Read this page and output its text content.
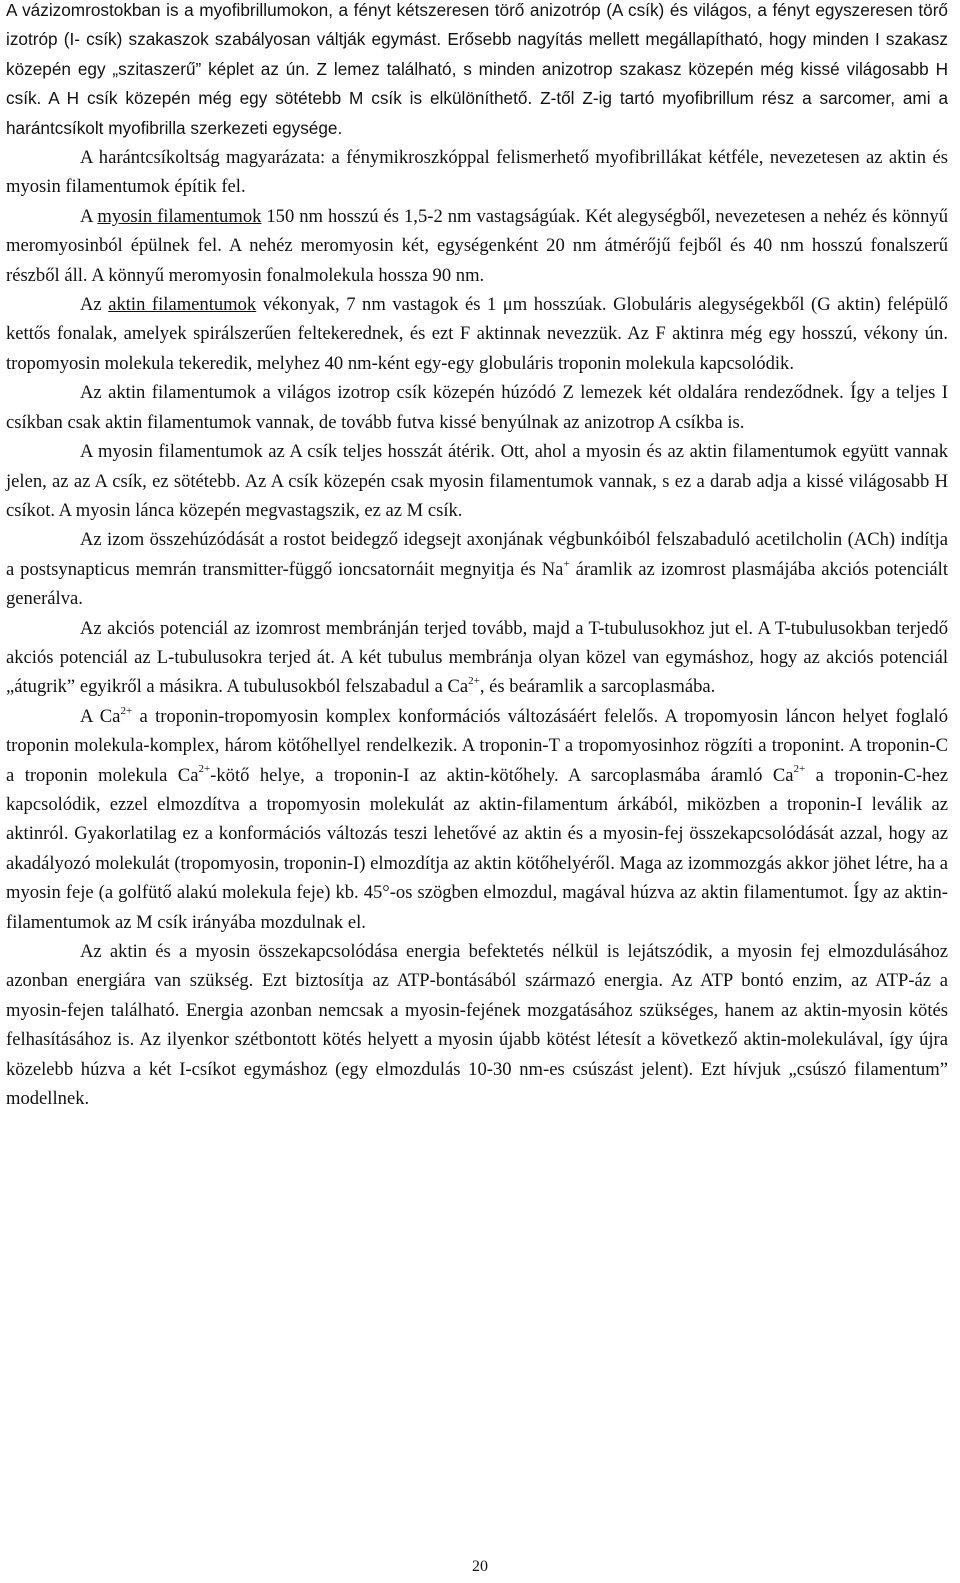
A vázizomrostokban is a myofibrillumokon, a fényt kétszeresen törő anizotróp (A csík) és világos, a fényt egyszeresen törő izotróp (I- csík) szakaszok szabályosan váltják egymást. Erősebb nagyítás mellett megállapítható, hogy minden I szakasz közepén egy „szitaszerű” képlet az ún. Z lemez található, s minden anizotrop szakasz közepén még kissé világosabb H csík. A H csík közepén még egy sötétebb M csík is elkülöníthető. Z-től Z-ig tartó myofibrillum rész a sarcomer, ami a harántcsíkolt myofibrilla szerkezeti egysége.

A harántcsíkoltság magyarázata: a fénymikroszkóppal felismerhető myofibrillákat kétféle, nevezetesen az aktin és myosin filamentumok építik fel.

A myosin filamentumok 150 nm hosszú és 1,5-2 nm vastagságúak. Két alegységből, nevezetesen a nehéz és könnyű meromyosinból épülnek fel. A nehéz meromyosin két, egységenként 20 nm átmérőjű fejből és 40 nm hosszú fonalszerű részből áll. A könnyű meromyosin fonalmolekula hossza 90 nm.

Az aktin filamentumok vékonyak, 7 nm vastagok és 1 μm hosszúak. Globuláris alegységekből (G aktin) felépülő kettős fonalak, amelyek spirálszerűen feltekerednek, és ezt F aktinnak nevezzük. Az F aktinra még egy hosszú, vékony ún. tropomyosin molekula tekeredik, melyhez 40 nm-ként egy-egy globuláris troponin molekula kapcsolódik.

Az aktin filamentumok a világos izotrop csík közepén húzódó Z lemezek két oldalára rendeződnek. Így a teljes I csíkban csak aktin filamentumok vannak, de tovább futva kissé benyúlnak az anizotrop A csíkba is.

A myosin filamentumok az A csík teljes hosszát átérik. Ott, ahol a myosin és az aktin filamentumok együtt vannak jelen, az az A csík, ez sötétebb. Az A csík közepén csak myosin filamentumok vannak, s ez a darab adja a kissé világosabb H csíkot. A myosin lánca közepén megvastagszik, ez az M csík.

Az izom összehúzódását a rostot beidegző idegsejt axonjának végbunkóiból felszabaduló acetilcholin (ACh) indítja a postsynapticus memrán transmitter-függő ioncsatornáit megnyitja és Na+ áramlik az izomrost plasmájába akciós potenciált generálva.

Az akciós potenciál az izomrost membránján terjed tovább, majd a T-tubulusokhoz jut el. A T-tubulusokban terjedő akciós potenciál az L-tubulusokra terjed át. A két tubulus membránja olyan közel van egymáshoz, hogy az akciós potenciál „átugrik” egyikről a másikra. A tubulusokból felszabadul a $Ca^{2+}$, és beáramlik a sarcoplasmába.

A $Ca^{2+}$ a troponin-tropomyosin komplex konformációs változásáért felelős. A tropomyosin láncon helyet foglaló troponin molekula-komplex, három kötőhellyel rendelkezik. A troponin-T a tropomyosinhoz rögzíti a troponint. A troponin-C a troponin molekula $Ca^{2+}$-kötő helye, a troponin-I az aktin-kötőhely. A sarcoplasmába áramló $Ca^{2+}$ a troponin-C-hez kapcsolódik, ezzel elmozdítva a tropomyosin molekulát az aktin-filamentum árkából, miközben a troponin-I leválik az aktinról. Gyakorlatilag ez a konformációs változás teszi lehetővé az aktin és a myosin-fej összekapcsolódását azzal, hogy az akadályozó molekulát (tropomyosin, troponin-I) elmozdítja az aktin kötőhelyéről. Maga az izommozgás akkor jöhet létre, ha a myosin feje (a golfütő alakú molekula feje) kb. 45°-os szögben elmozdul, magával húzva az aktin filamentumot. Így az aktin-filamentumok az M csík irányába mozdulnak el.

Az aktin és a myosin összekapcsolódása energia befektetés nélkül is lejátszódik, a myosin fej elmozdulásához azonban energiára van szükség. Ezt biztosítja az ATP-bontásából származó energia. Az ATP bontó enzim, az ATP-áz a myosin-fejen található. Energia azonban nemcsak a myosin-fejének mozgatásához szükséges, hanem az aktin-myosin kötés felhasításához is. Az ilyenkor szétbontott kötés helyett a myosin újabb kötést létesít a következő aktin-molekulával, így újra közelebb húzva a két I-csíkot egymáshoz (egy elmozdulás 10-30 nm-es csúszást jelent). Ezt hívjuk „csúszó filamentum” modellnek.

20
